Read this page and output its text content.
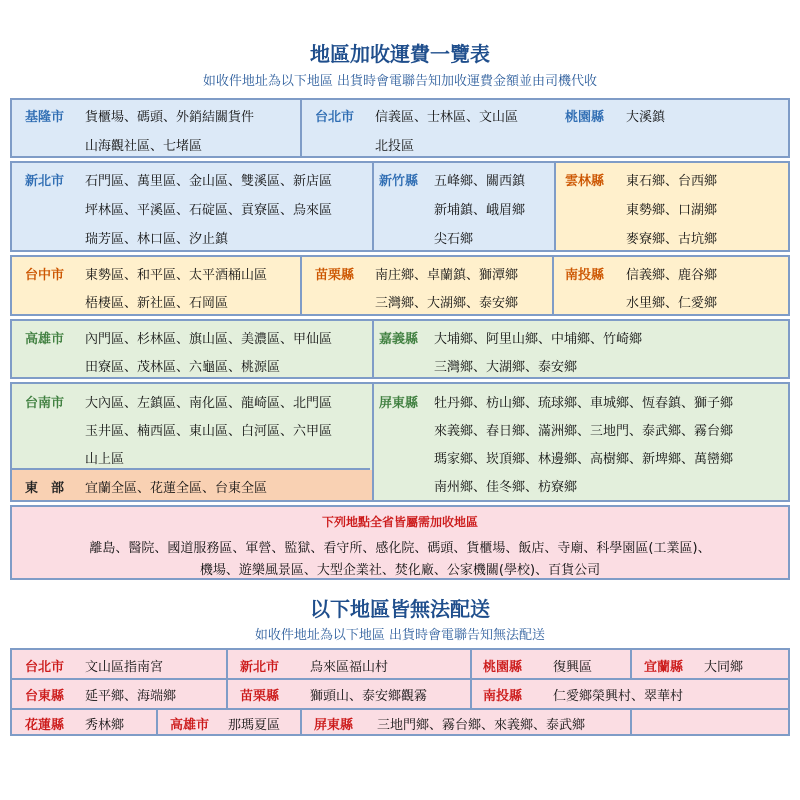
地區加收運費一覽表
如收件地址為以下地區 出貨時會電聯告知加收運費金額並由司機代收
基隆市 貨櫃場、碼頭、外銷結關貨件
山海觀社區、七堵區
台北市 信義區、士林區、文山區
北投區
桃園縣 大溪鎮
新北市 石門區、萬里區、金山區、雙溪區、新店區
坪林區、平溪區、石碇區、貢寮區、烏來區
瑞芳區、林口區、汐止鎮
新竹縣 五峰鄉、關西鎮
新埔鎮、峨眉鄉
尖石鄉
雲林縣 東石鄉、台西鄉
東勢鄉、口湖鄉
麥寮鄉、古坑鄉
台中市 東勢區、和平區、太平酒桶山區
梧棲區、新社區、石岡區
苗栗縣 南庄鄉、卓蘭鎮、獅潭鄉
三灣鄉、大湖鄉、泰安鄉
南投縣 信義鄉、鹿谷鄉
水里鄉、仁愛鄉
高雄市 內門區、杉林區、旗山區、美濃區、甲仙區
田寮區、茂林區、六龜區、桃源區
嘉義縣 大埔鄉、阿里山鄉、中埔鄉、竹崎鄉
三灣鄉、大湖鄉、泰安鄉
台南市 大內區、左鎮區、南化區、龍崎區、北門區
玉井區、楠西區、東山區、白河區、六甲區
山上區
東　部 宜蘭全區、花蓮全區、台東全區
屏東縣 牡丹鄉、枋山鄉、琉球鄉、車城鄉、恆春鎮、獅子鄉
來義鄉、春日鄉、滿洲鄉、三地門、泰武鄉、霧台鄉
瑪家鄉、崁頂鄉、林邊鄉、高樹鄉、新埤鄉、萬巒鄉
南州鄉、佳冬鄉、枋寮鄉
下列地點全省皆屬需加收地區
離島、醫院、國道服務區、軍營、監獄、看守所、感化院、碼頭、貨櫃場、飯店、寺廟、科學園區(工業區)、
機場、遊樂風景區、大型企業社、焚化廠、公家機關(學校)、百貨公司
以下地區皆無法配送
如收件地址為以下地區 出貨時會電聯告知無法配送
台北市 文山區指南宮	新北市 烏來區福山村	桃園縣 復興區	宜蘭縣 大同鄉
台東縣 延平鄉、海端鄉	苗栗縣 獅頭山、泰安鄉觀霧	南投縣 仁愛鄉榮興村、翠華村
花蓮縣 秀林鄉	高雄市 那瑪夏區	屏東縣 三地門鄉、霧台鄉、來義鄉、泰武鄉
